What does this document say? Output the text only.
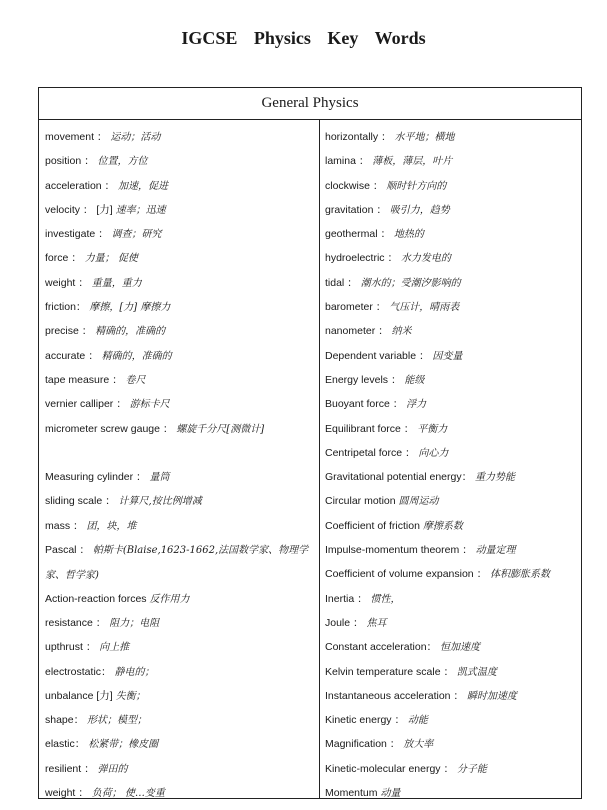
IGCSE Physics Key Words
General Physics
movement ： 运动；活动
position ： 位置，方位
acceleration ： 加速，促进
velocity ： [力] 速率；迅速
investigate ： 调查；研究
force ： 力量； 促使
weight ： 重量，重力
friction： 摩擦，[力] 摩擦力
precise ： 精确的，准确的
accurate ： 精确的，准确的
tape measure ： 卷尺
vernier calliper ： 游标卡尺
micrometer screw gauge ： 螺旋千分尺[测微计]
Measuring cylinder ： 量筒
sliding scale ： 计算尺,按比例增减
mass ： 团，块，堆
Pascal ： 帕斯卡(Blaise,1623-1662,法国数学家、物理学家、哲学家)
Action-reaction forces 反作用力
resistance ： 阻力；电阻
upthrust ： 向上推
electrostatic： 静电的；
unbalance [力] 失衡；
shape： 形状；模型；
elastic： 松紧带；橡皮圈
resilient ： 弹田的
weight ： 负荷； 使…变重
horizontally ： 水平地；横地
lamina ： 薄板，薄层，叶片
clockwise ： 顺时针方向的
gravitation ： 吸引力，趋势
geothermal ： 地热的
hydroelectric ： 水力发电的
tidal ： 潮水的；受潮汐影响的
barometer ： 气压计，晴雨表
nanometer ： 纳米
Dependent variable ： 因变量
Energy levels ： 能级
Buoyant force ： 浮力
Equilibrant force ： 平衡力
Centripetal force ： 向心力
Gravitational potential energy： 重力势能
Circular motion 圆周运动
Coefficient of friction 摩擦系数
Impulse-momentum theorem ： 动量定理
Coefficient of volume expansion ： 体积膨胀系数
Inertia ： 惯性，
Joule ： 焦耳
Constant acceleration： 恒加速度
Kelvin temperature scale ： 凯式温度
Instantaneous acceleration ： 瞬时加速度
Kinetic energy ： 动能
Magnification ： 放大率
Kinetic-molecular energy ： 分子能
Momentum 动量
